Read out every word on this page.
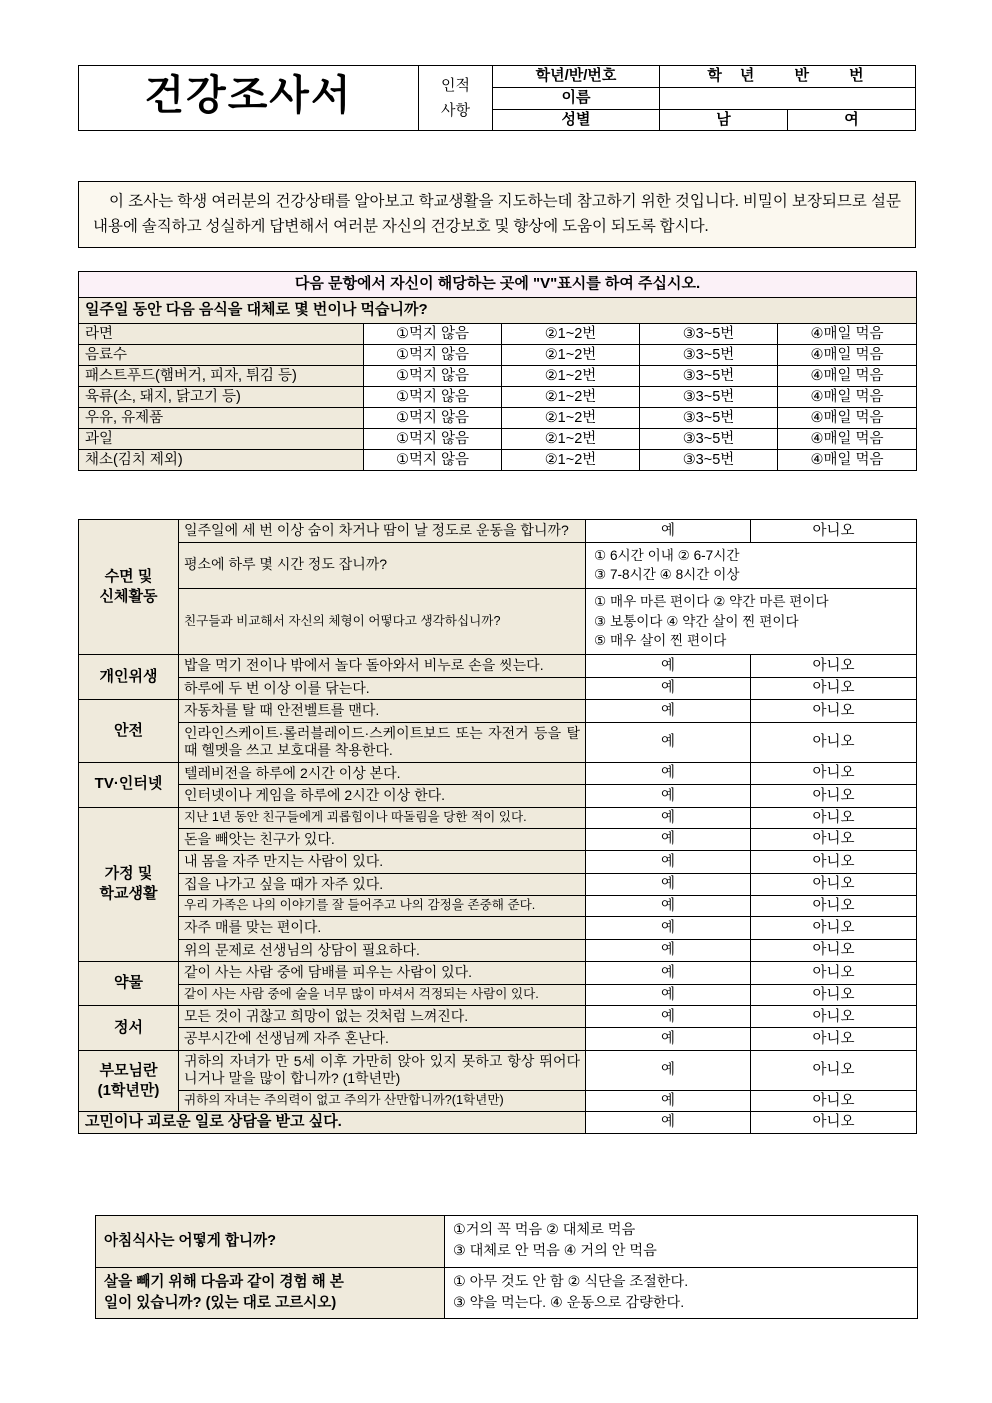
건강조사서	인적
사항	학년/반/번호	학년 반 번	
		이름		
		성별	남	여
이 조사는 학생 여러분의 건강상태를 알아보고 학교생활을 지도하는데 참고하기 위한 것입니다. 비밀이 보장되므로 설문내용에 솔직하고 성실하게 답변해서 여러분 자신의 건강보호 및 향상에 도움이 되도록 합시다.
다음 문항에서 자신이 해당하는 곳에 "V"표시를 하여 주십시오.				
일주일 동안 다음 음식을 대체로 몇 번이나 먹습니까?				
라면	①먹지 않음	②1~2번	③3~5번	④매일 먹음
음료수	①먹지 않음	②1~2번	③3~5번	④매일 먹음
패스트푸드(햄버거, 피자, 튀김 등)	①먹지 않음	②1~2번	③3~5번	④매일 먹음
육류(소, 돼지, 닭고기 등)	①먹지 않음	②1~2번	③3~5번	④매일 먹음
우유, 유제품	①먹지 않음	②1~2번	③3~5번	④매일 먹음
과일	①먹지 않음	②1~2번	③3~5번	④매일 먹음
채소(김치 제외)	①먹지 않음	②1~2번	③3~5번	④매일 먹음
수면 및
신체활동	일주일에 세 번 이상 숨이 차거나 땀이 날 정도로 운동을 합니까?	예	아니오
	평소에 하루 몇 시간 정도 잡니까?	① 6시간 이내 ② 6-7시간
③ 7-8시간 ④ 8시간 이상	

	친구들과 비교해서 자신의 체형이 어떻다고 생각하십니까?	① 매우 마른 편이다 ② 약간 마른 편이다
③ 보통이다 ④ 약간 살이 찐 편이다
⑤ 매우 살이 찐 편이다	

개인위생	밥을 먹기 전이나 밖에서 놀다 돌아와서 비누로 손을 씻는다.	예	아니오
	하루에 두 번 이상 이를 닦는다.	예	아니오
안전	자동차를 탈 때 안전벨트를 맨다.	예	아니오
	인라인스케이트·롤러블레이드·스케이트보드 또는 자전거 등을 탈 때 헬멧을 쓰고 보호대를 착용한다.	예	아니오
TV·인터넷	텔레비전을 하루에 2시간 이상 본다.	예	아니오
	인터넷이나 게임을 하루에 2시간 이상 한다.	예	아니오
가정 및
학교생활	지난 1년 동안 친구들에게 괴롭힘이나 따돌림을 당한 적이 있다.	예	아니오
	돈을 빼앗는 친구가 있다.	예	아니오
	내 몸을 자주 만지는 사람이 있다.	예	아니오
	집을 나가고 싶을 때가 자주 있다.	예	아니오
	우리 가족은 나의 이야기를 잘 들어주고 나의 감정을 존중해 준다.	예	아니오
	자주 매를 맞는 편이다.	예	아니오
	위의 문제로 선생님의 상담이 필요하다.	예	아니오
약물	같이 사는 사람 중에 담배를 피우는 사람이 있다.	예	아니오
	같이 사는 사람 중에 술을 너무 많이 마셔서 걱정되는 사람이 있다.	예	아니오
정서	모든 것이 귀찮고 희망이 없는 것처럼 느껴진다.	예	아니오
	공부시간에 선생님께 자주 혼난다.	예	아니오
부모님란
(1학년만)	귀하의 자녀가 만 5세 이후 가만히 앉아 있지 못하고 항상 뛰어다니거나 말을 많이 합니까? (1학년만)	예	아니오
	귀하의 자녀는 주의력이 없고 주의가 산만합니까?(1학년만)	예	아니오
고민이나 괴로운 일로 상담을 받고 싶다.		예	아니오
아침식사는 어떻게 합니까?	①거의 꼭 먹음 ② 대체로 먹음
③ 대체로 안 먹음 ④ 거의 안 먹음
살을 빼기 위해 다음과 같이 경험 해 본
일이 있습니까? (있는 대로 고르시오)	① 아무 것도 안 함 ② 식단을 조절한다.
③ 약을 먹는다. ④ 운동으로 감량한다.
